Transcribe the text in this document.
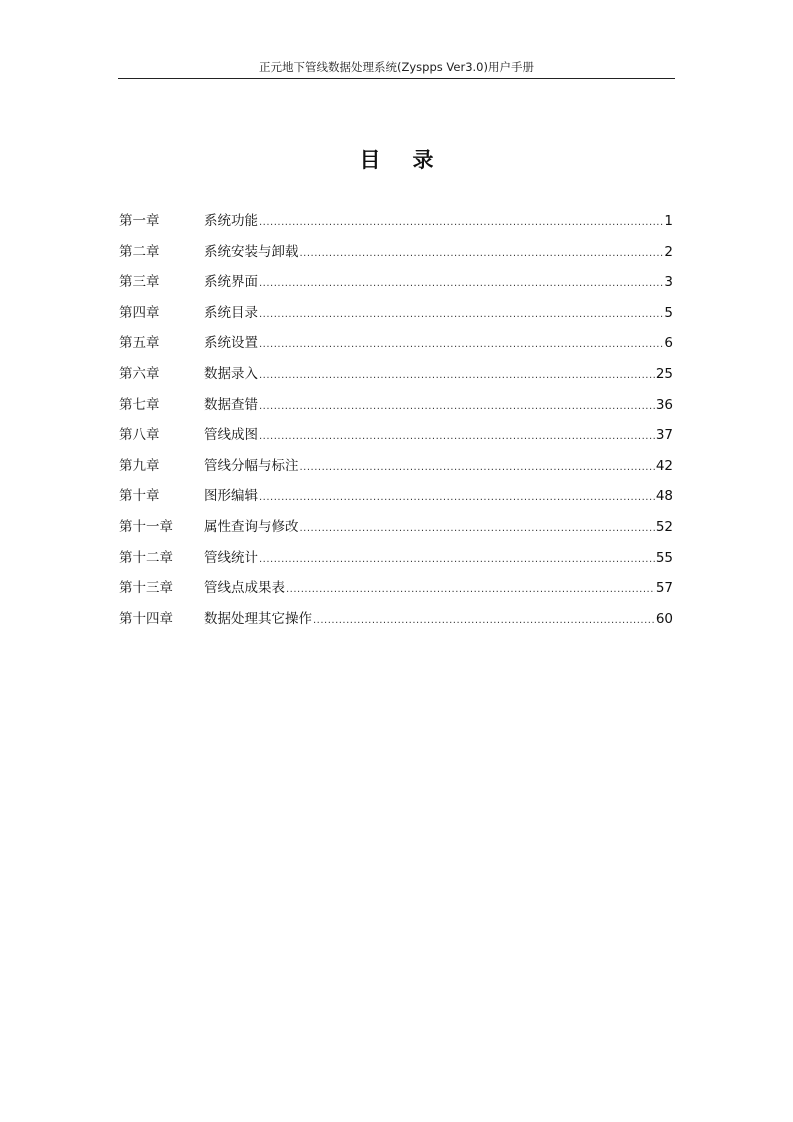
正元地下管线数据处理系统(Zyspps Ver3.0)用户手册
目 录
第一章	系统功能 .....	1
第二章	系统安装与卸载 .....	2
第三章	系统界面 .....	3
第四章	系统目录 .....	5
第五章	系统设置 .....	6
第六章	数据录入 .....	25
第七章	数据查错 .....	36
第八章	管线成图 .....	37
第九章	管线分幅与标注 .....	42
第十章	图形编辑 .....	48
第十一章	属性查询与修改 .....	52
第十二章	管线统计 .....	55
第十三章	管线点成果表 .....	57
第十四章	数据处理其它操作 .....	60
